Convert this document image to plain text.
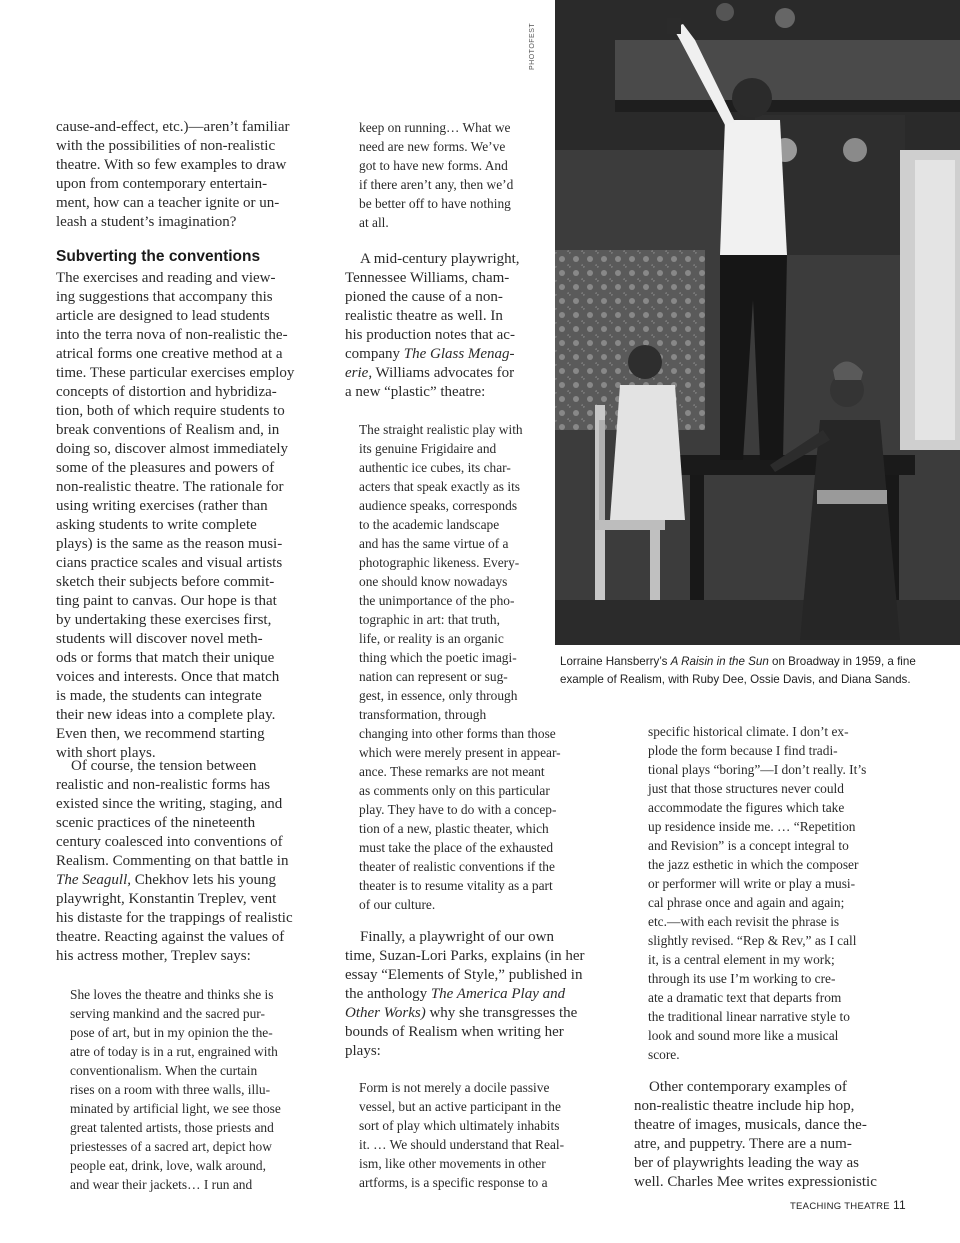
cause-and-effect, etc.)—aren’t familiar
with the possibilities of non-realistic
theatre. With so few examples to draw
upon from contemporary entertain-
ment, how can a teacher ignite or un-
leash a student’s imagination?
Subverting the conventions
The exercises and reading and view-
ing suggestions that accompany this
article are designed to lead students
into the terra nova of non-realistic the-
atrical forms one creative method at a
time. These particular exercises employ
concepts of distortion and hybridiza-
tion, both of which require students to
break conventions of Realism and, in
doing so, discover almost immediately
some of the pleasures and powers of
non-realistic theatre. The rationale for
using writing exercises (rather than
asking students to write complete
plays) is the same as the reason musi-
cians practice scales and visual artists
sketch their subjects before commit-
ting paint to canvas. Our hope is that
by undertaking these exercises first,
students will discover novel meth-
ods or forms that match their unique
voices and interests. Once that match
is made, the students can integrate
their new ideas into a complete play.
Even then, we recommend starting
with short plays.
 Of course, the tension between
realistic and non-realistic forms has
existed since the writing, staging, and
scenic practices of the nineteenth
century coalesced into conventions of
Realism. Commenting on that battle in
The Seagull, Chekhov lets his young
playwright, Konstantin Treplev, vent
his distaste for the trappings of realistic
theatre. Reacting against the values of
his actress mother, Treplev says:
She loves the theatre and thinks she is
serving mankind and the sacred pur-
pose of art, but in my opinion the the-
atre of today is in a rut, engrained with
conventionalism. When the curtain
rises on a room with three walls, illu-
minated by artificial light, we see those
great talented artists, those priests and
priestesses of a sacred art, depict how
people eat, drink, love, walk around,
and wear their jackets… I run and
keep on running… What we
need are new forms. We’ve
got to have new forms. And
if there aren’t any, then we’d
be better off to have nothing
at all.
 A mid-century playwright,
Tennessee Williams, cham-
pioned the cause of a non-
realistic theatre as well. In
his production notes that ac-
company The Glass Menag-
erie, Williams advocates for
a new “plastic” theatre:
The straight realistic play with
its genuine Frigidaire and
authentic ice cubes, its char-
acters that speak exactly as its
audience speaks, corresponds
to the academic landscape
and has the same virtue of a
photographic likeness. Every-
one should know nowadays
the unimportance of the pho-
tographic in art: that truth,
life, or reality is an organic
thing which the poetic imagi-
nation can represent or sug-
gest, in essence, only through
transformation, through
changing into other forms than those
which were merely present in appear-
ance. These remarks are not meant
as comments only on this particular
play. They have to do with a concep-
tion of a new, plastic theater, which
must take the place of the exhausted
theater of realistic conventions if the
theater is to resume vitality as a part
of our culture.
 Finally, a playwright of our own
time, Suzan-Lori Parks, explains (in her
essay “Elements of Style,” published in
the anthology The America Play and
Other Works) why she transgresses the
bounds of Realism when writing her
plays:
Form is not merely a docile passive
vessel, but an active participant in the
sort of play which ultimately inhabits
it. … We should understand that Real-
ism, like other movements in other
artforms, is a specific response to a
specific historical climate. I don’t ex-
plode the form because I find tradi-
tional plays “boring”—I don’t really. It’s
just that those structures never could
accommodate the figures which take
up residence inside me. … “Repetition
and Revision” is a concept integral to
the jazz esthetic in which the composer
or performer will write or play a musi-
cal phrase once and again and again;
etc.—with each revisit the phrase is
slightly revised. “Rep & Rev,” as I call
it, is a central element in my work;
through its use I’m working to cre-
ate a dramatic text that departs from
the traditional linear narrative style to
look and sound more like a musical
score.
 Other contemporary examples of
non-realistic theatre include hip hop,
theatre of images, musicals, dance the-
atre, and puppetry. There are a num-
ber of playwrights leading the way as
well. Charles Mee writes expressionistic
PHOTOFEST
Lorraine Hansberry’s A Raisin in the Sun on Broadway in 1959, a fine
example of Realism, with Ruby Dee, Ossie Davis, and Diana Sands.
TEACHING THEATRE 11
